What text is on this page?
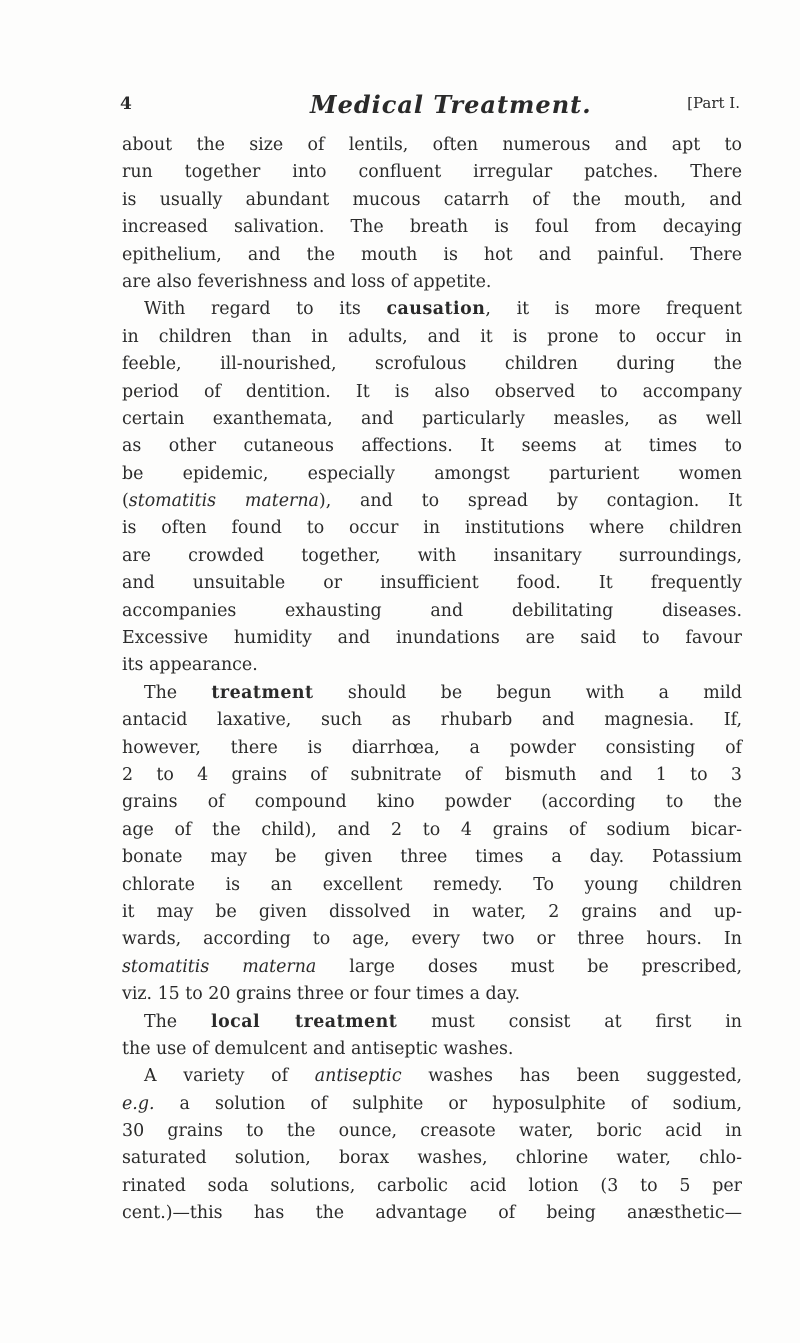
4	Medical Treatment.	[Part I.
about the size of lentils, often numerous and apt to
run together into confluent irregular patches. There
is usually abundant mucous catarrh of the mouth, and
increased salivation. The breath is foul from decaying
epithelium, and the mouth is hot and painful. There
are also feverishness and loss of appetite.
With regard to its causation, it is more frequent
in children than in adults, and it is prone to occur in
feeble, ill-nourished, scrofulous children during the
period of dentition. It is also observed to accompany
certain exanthemata, and particularly measles, as well
as other cutaneous affections. It seems at times to
be epidemic, especially amongst parturient women
(stomatitis materna), and to spread by contagion. It
is often found to occur in institutions where children
are crowded together, with insanitary surroundings,
and unsuitable or insufficient food. It frequently
accompanies exhausting and debilitating diseases.
Excessive humidity and inundations are said to favour
its appearance.
The treatment should be begun with a mild
antacid laxative, such as rhubarb and magnesia. If,
however, there is diarrhœa, a powder consisting of
2 to 4 grains of subnitrate of bismuth and 1 to 3
grains of compound kino powder (according to the
age of the child), and 2 to 4 grains of sodium bicar-
bonate may be given three times a day. Potassium
chlorate is an excellent remedy. To young children
it may be given dissolved in water, 2 grains and up-
wards, according to age, every two or three hours. In
stomatitis materna large doses must be prescribed,
viz. 15 to 20 grains three or four times a day.
The local treatment must consist at first in
the use of demulcent and antiseptic washes.
A variety of antiseptic washes has been suggested,
e.g. a solution of sulphite or hyposulphite of sodium,
30 grains to the ounce, creasote water, boric acid in
saturated solution, borax washes, chlorine water, chlo-
rinated soda solutions, carbolic acid lotion (3 to 5 per
cent.)—this has the advantage of being anæsthetic—
